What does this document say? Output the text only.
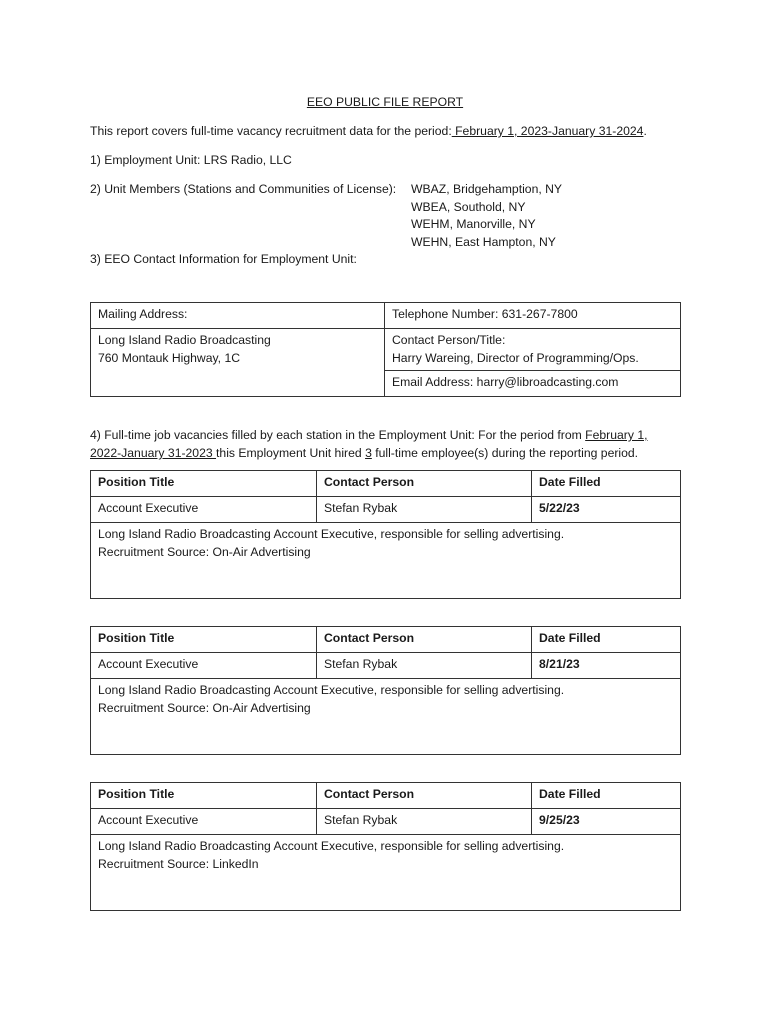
EEO PUBLIC FILE REPORT
This report covers full-time vacancy recruitment data for the period: February 1, 2023-January 31-2024.
1) Employment Unit: LRS Radio, LLC
2) Unit Members (Stations and Communities of License): WBAZ, Bridgehamption, NY
WBEA, Southold, NY
WEHM, Manorville, NY
WEHN, East Hampton, NY
3) EEO Contact Information for Employment Unit:
Mailing Address:	Telephone Number: 631-267-7800

Long Island Radio Broadcasting
760 Montauk Highway, 1C	Contact Person/Title:
Harry Wareing, Director of Programming/Ops.

	Email Address: harry@libroadcasting.com
4) Full-time job vacancies filled by each station in the Employment Unit: For the period from February 1,
2022-January 31-2023 this Employment Unit hired 3 full-time employee(s) during the reporting period.
Position Title	Contact Person	Date Filled
Account Executive	Stefan Rybak	5/22/23

Long Island Radio Broadcasting Account Executive, responsible for selling advertising.
Recruitment Source: On-Air Advertising		
Position Title	Contact Person	Date Filled
Account Executive	Stefan Rybak	8/21/23

Long Island Radio Broadcasting Account Executive, responsible for selling advertising.
Recruitment Source: On-Air Advertising		
Position Title	Contact Person	Date Filled
Account Executive	Stefan Rybak	9/25/23

Long Island Radio Broadcasting Account Executive, responsible for selling advertising.
Recruitment Source: LinkedIn		
